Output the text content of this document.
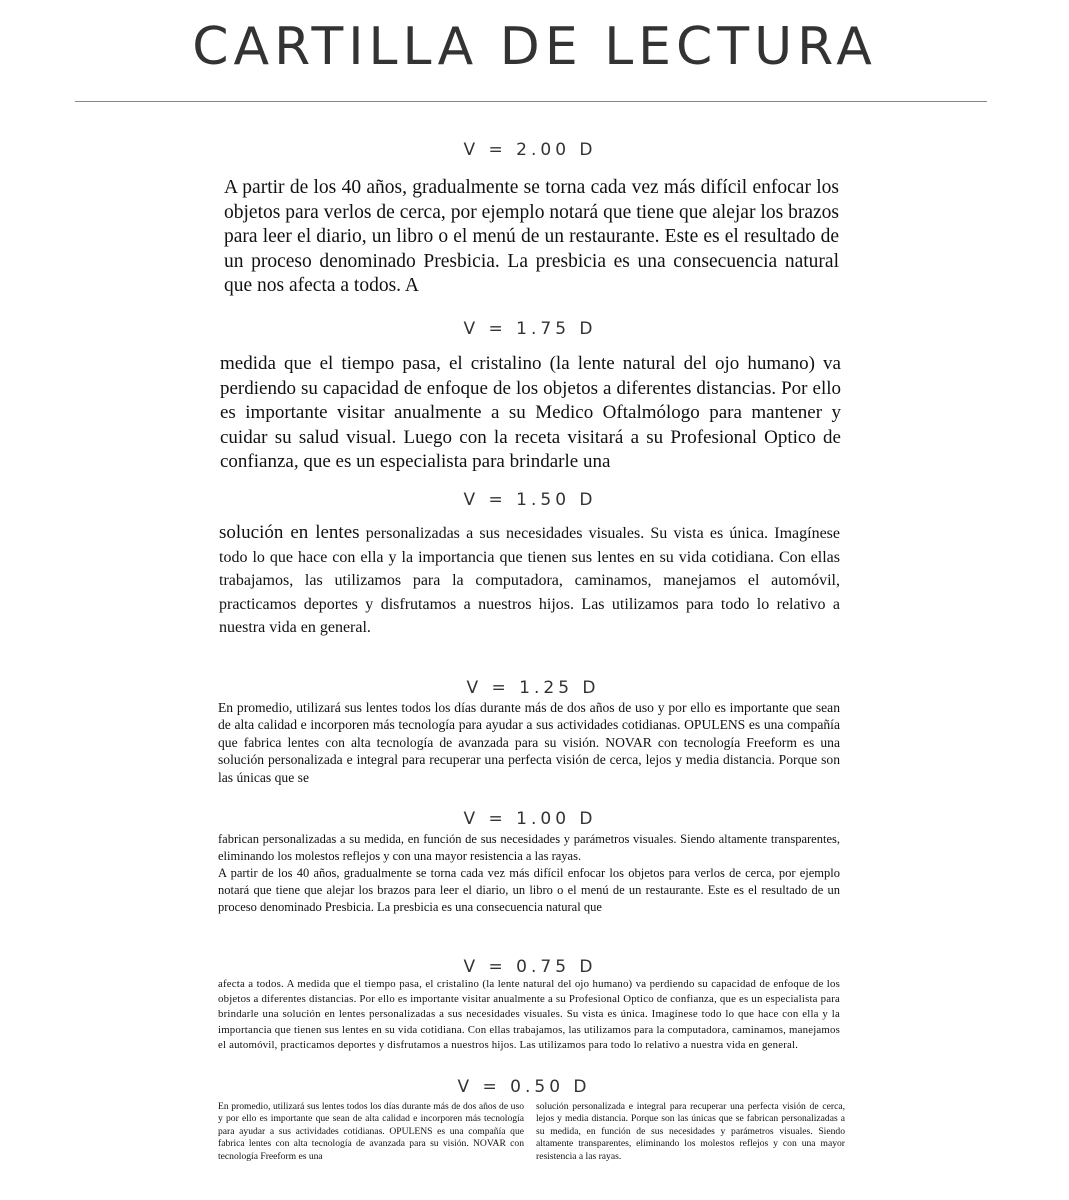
CARTILLA DE LECTURA
V = 2.00 D

A partir de los 40 años, gradualmente se torna cada vez más difícil enfocar los objetos para verlos de cerca, por ejemplo notará que tiene que alejar los brazos para leer el diario, un libro o el menú de un restaurante. Este es el resultado de un proceso denominado Presbicia. La presbicia es una consecuencia natural que nos afecta a todos. A

V = 1.75 D

medida que el tiempo pasa, el cristalino (la lente natural del ojo humano) va perdiendo su capacidad de enfoque de los objetos a diferentes distancias. Por ello es importante visitar anualmente a su Medico Oftalmólogo para mantener y cuidar su salud visual. Luego con la receta visitará a su Profesional Optico de confianza, que es un especialista para brindarle una

V = 1.50 D

solución en lentes personalizadas a sus necesidades visuales. Su vista es única. Imagínese todo lo que hace con ella y la importancia que tienen sus lentes en su vida cotidiana. Con ellas trabajamos, las utilizamos para la computadora, caminamos, manejamos el automóvil, practicamos deportes y disfrutamos a nuestros hijos. Las utilizamos para todo lo relativo a nuestra vida en general.

V = 1.25 D

En promedio, utilizará sus lentes todos los días durante más de dos años de uso y por ello es importante que sean de alta calidad e incorporen más tecnología para ayudar a sus actividades cotidianas. OPULENS es una compañía que fabrica lentes con alta tecnología de avanzada para su visión. NOVAR con tecnología Freeform es una solución personalizada e integral para recuperar una perfecta visión de cerca, lejos y media distancia. Porque son las únicas que se

V = 1.00 D
fabrican personalizadas a su medida, en función de sus necesidades y parámetros visuales. Siendo altamente transparentes, eliminando los molestos reflejos y con una mayor resistencia a las rayas.
A partir de los 40 años, gradualmente se torna cada vez más difícil enfocar los objetos para verlos de cerca, por ejemplo notará que tiene que alejar los brazos para leer el diario, un libro o el menú de un restaurante. Este es el resultado de un proceso denominado Presbicia. La presbicia es una consecuencia natural que
V = 0.75 D

afecta a todos. A medida que el tiempo pasa, el cristalino (la lente natural del ojo humano) va perdiendo su capacidad de enfoque de los objetos a diferentes distancias. Por ello es importante visitar anualmente a su Profesional Optico de confianza, que es un especialista para brindarle una solución en lentes personalizadas a sus necesidades visuales. Su vista es única. Imagínese todo lo que hace con ella y la importancia que tienen sus lentes en su vida cotidiana. Con ellas trabajamos, las utilizamos para la computadora, caminamos, manejamos el automóvil, practicamos deportes y disfrutamos a nuestros hijos. Las utilizamos para todo lo relativo a nuestra vida en general.

V = 0.50 D

En promedio, utilizará sus lentes todos los días durante más de dos años de uso y por ello es importante que sean de alta calidad e incorporen más tecnología para ayudar a sus actividades cotidianas. OPULENS es una compañía que fabrica lentes con alta tecnología de avanzada para su visión. NOVAR con tecnología Freeform es una

solución personalizada e integral para recuperar una perfecta visión de cerca, lejos y media distancia. Porque son las únicas que se fabrican personalizadas a su medida, en función de sus necesidades y parámetros visuales. Siendo altamente transparentes, eliminando los molestos reflejos y con una mayor resistencia a las rayas.
